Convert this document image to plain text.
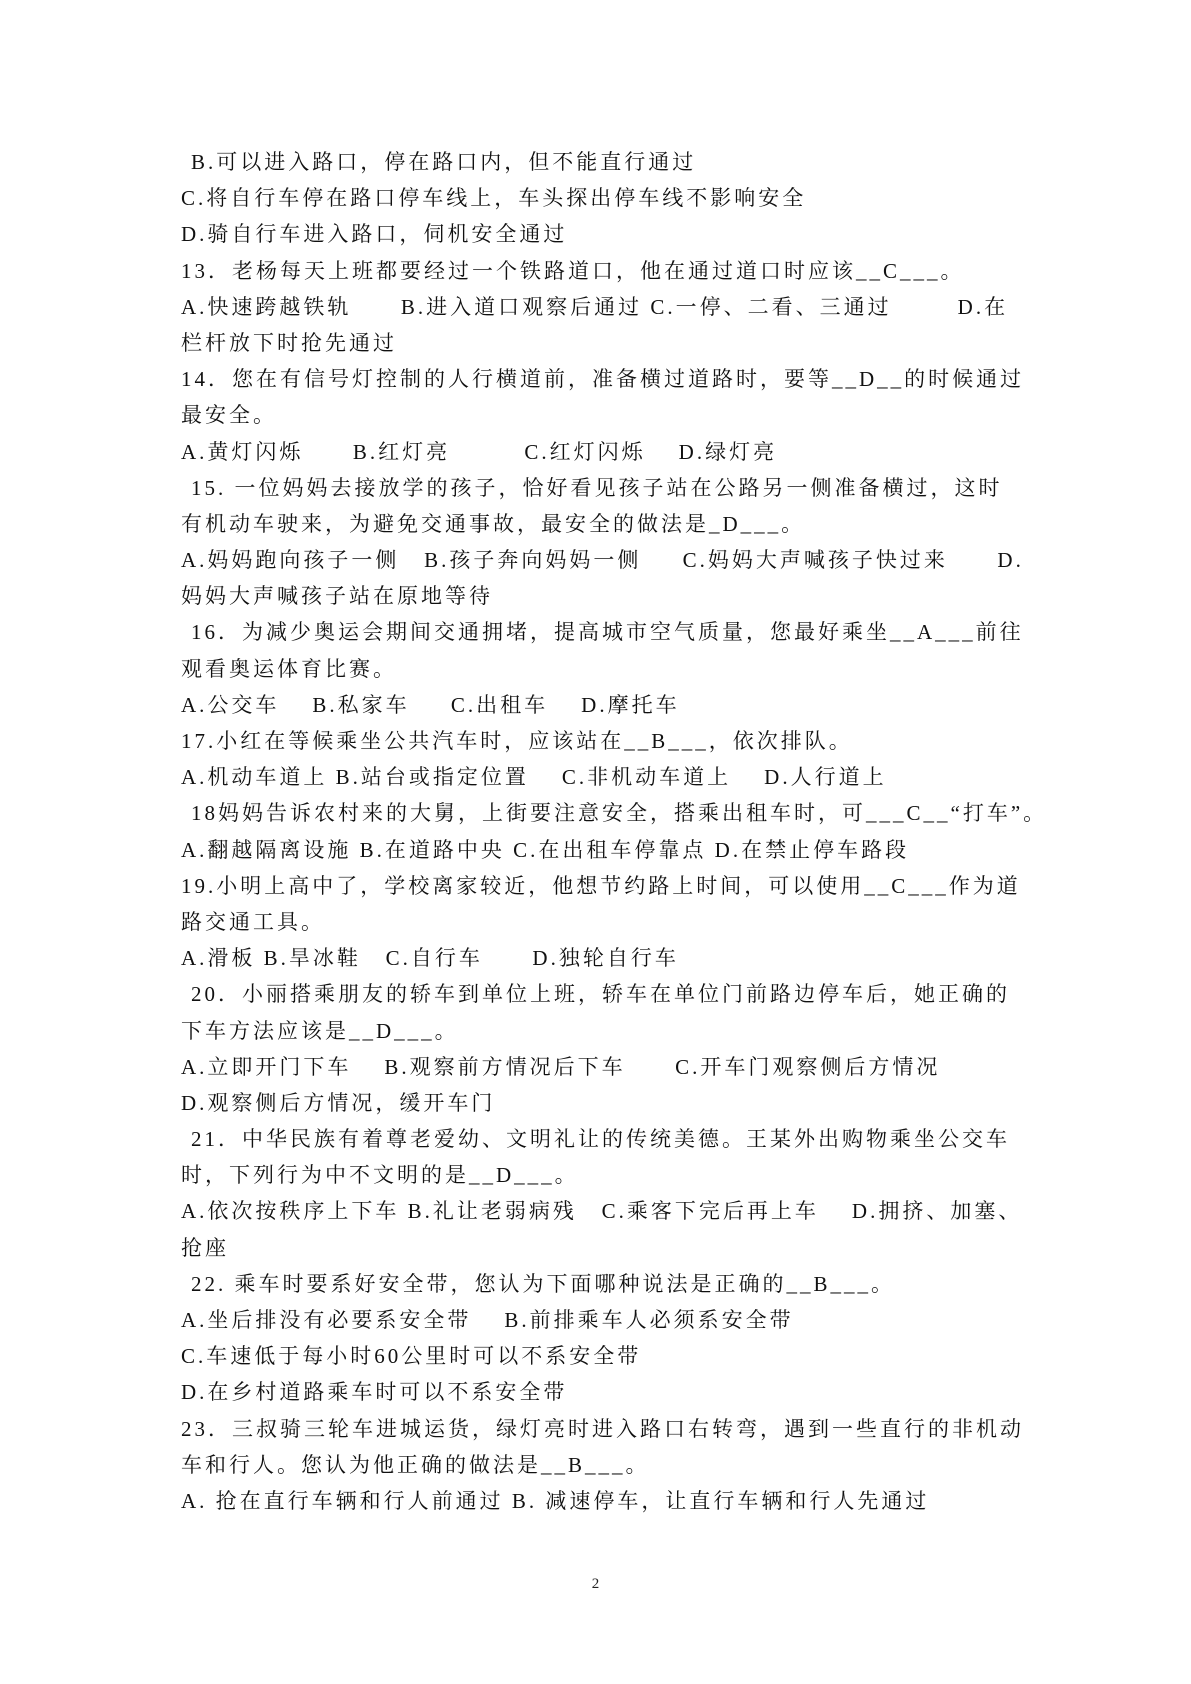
B.可以进入路口，停在路口内，但不能直行通过
C.将自行车停在路口停车线上，车头探出停车线不影响安全
D.骑自行车进入路口，伺机安全通过
13．老杨每天上班都要经过一个铁路道口，他在通过道口时应该__C___。
A.快速跨越铁轨      B.进入道口观察后通过 C.一停、二看、三通过        D.在
栏杆放下时抢先通过
14．您在有信号灯控制的人行横道前，准备横过道路时，要等__D__的时候通过
最安全。
A.黄灯闪烁      B.红灯亮         C.红灯闪烁    D.绿灯亮
15. 一位妈妈去接放学的孩子，恰好看见孩子站在公路另一侧准备横过，这时
有机动车驶来，为避免交通事故，最安全的做法是_D___。
A.妈妈跑向孩子一侧   B.孩子奔向妈妈一侧     C.妈妈大声喊孩子快过来      D.
妈妈大声喊孩子站在原地等待
16．为减少奥运会期间交通拥堵，提高城市空气质量，您最好乘坐__A___前往
观看奥运体育比赛。
A.公交车    B.私家车     C.出租车    D.摩托车
17.小红在等候乘坐公共汽车时，应该站在__B___，依次排队。
A.机动车道上 B.站台或指定位置    C.非机动车道上    D.人行道上
18妈妈告诉农村来的大舅，上街要注意安全，搭乘出租车时，可___C__“打车”。
A.翻越隔离设施 B.在道路中央 C.在出租车停靠点 D.在禁止停车路段
19.小明上高中了，学校离家较近，他想节约路上时间，可以使用__C___作为道
路交通工具。
A.滑板 B.旱冰鞋   C.自行车      D.独轮自行车
20．小丽搭乘朋友的轿车到单位上班，轿车在单位门前路边停车后，她正确的
下车方法应该是__D___。
A.立即开门下车    B.观察前方情况后下车      C.开车门观察侧后方情况
D.观察侧后方情况，缓开车门
21．中华民族有着尊老爱幼、文明礼让的传统美德。王某外出购物乘坐公交车
时，下列行为中不文明的是__D___。
A.依次按秩序上下车 B.礼让老弱病残   C.乘客下完后再上车    D.拥挤、加塞、
抢座
22. 乘车时要系好安全带，您认为下面哪种说法是正确的__B___。
A.坐后排没有必要系安全带    B.前排乘车人必须系安全带
C.车速低于每小时60公里时可以不系安全带
D.在乡村道路乘车时可以不系安全带
23．三叔骑三轮车进城运货，绿灯亮时进入路口右转弯，遇到一些直行的非机动
车和行人。您认为他正确的做法是__B___。
A. 抢在直行车辆和行人前通过 B. 减速停车，让直行车辆和行人先通过
2
